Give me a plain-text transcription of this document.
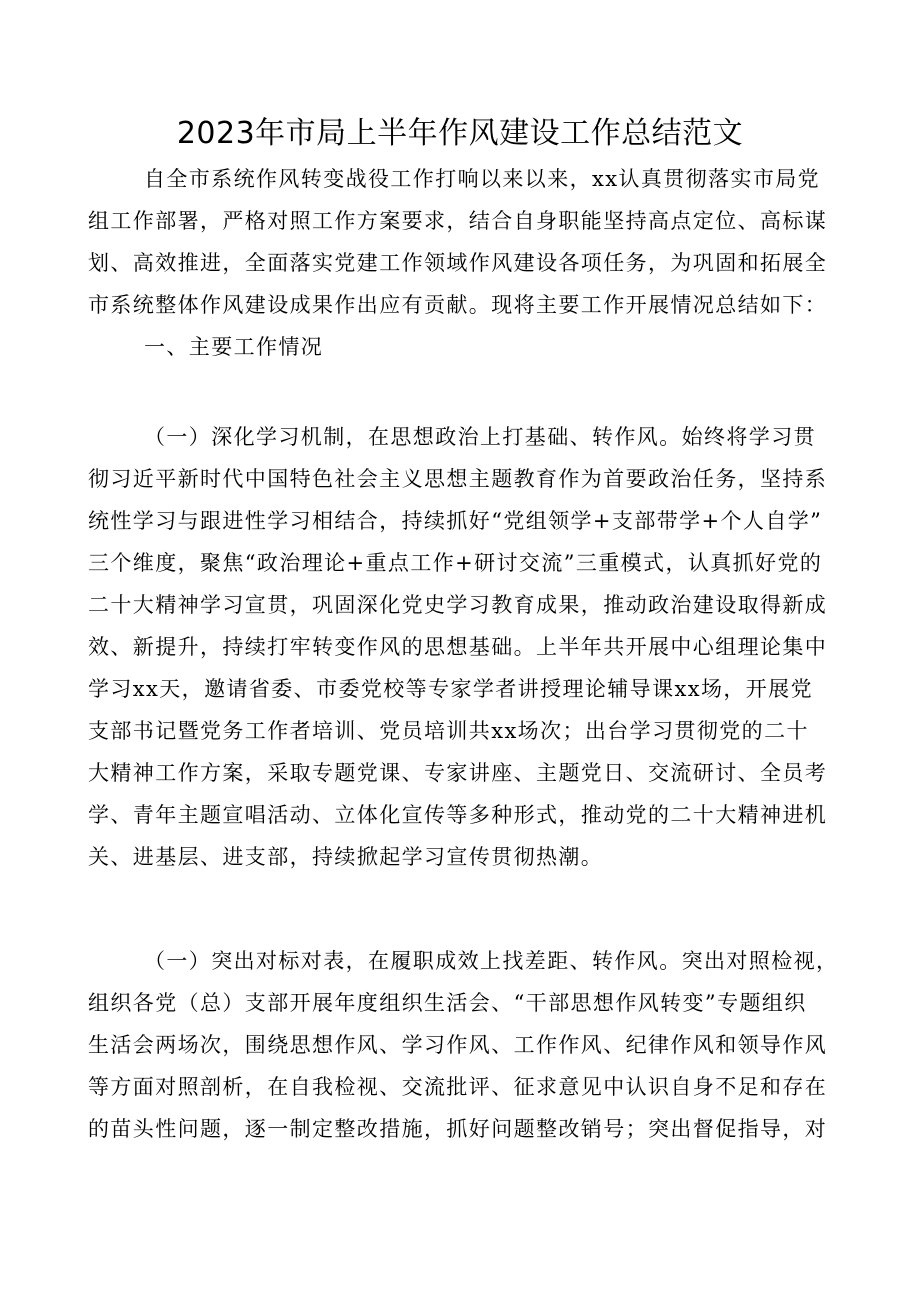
2023年市局上半年作风建设工作总结范文
自全市系统作风转变战役工作打响以来以来，xx认真贯彻落实市局党
组工作部署，严格对照工作方案要求，结合自身职能坚持高点定位、高标谋
划、高效推进，全面落实党建工作领域作风建设各项任务，为巩固和拓展全
市系统整体作风建设成果作出应有贡献。现将主要工作开展情况总结如下：
一、主要工作情况
（一）深化学习机制，在思想政治上打基础、转作风。始终将学习贯
彻习近平新时代中国特色社会主义思想主题教育作为首要政治任务，坚持系
统性学习与跟进性学习相结合，持续抓好“党组领学+支部带学+个人自学”
三个维度，聚焦“政治理论+重点工作+研讨交流”三重模式，认真抓好党的
二十大精神学习宣贯，巩固深化党史学习教育成果，推动政治建设取得新成
效、新提升，持续打牢转变作风的思想基础。上半年共开展中心组理论集中
学习xx天，邀请省委、市委党校等专家学者讲授理论辅导课xx场，开展党
支部书记暨党务工作者培训、党员培训共xx场次；出台学习贯彻党的二十
大精神工作方案，采取专题党课、专家讲座、主题党日、交流研讨、全员考
学、青年主题宣唱活动、立体化宣传等多种形式，推动党的二十大精神进机
关、进基层、进支部，持续掀起学习宣传贯彻热潮。
（一）突出对标对表，在履职成效上找差距、转作风。突出对照检视，
组织各党（总）支部开展年度组织生活会、“干部思想作风转变”专题组织
生活会两场次，围绕思想作风、学习作风、工作作风、纪律作风和领导作风
等方面对照剖析，在自我检视、交流批评、征求意见中认识自身不足和存在
的苗头性问题，逐一制定整改措施，抓好问题整改销号；突出督促指导，对
